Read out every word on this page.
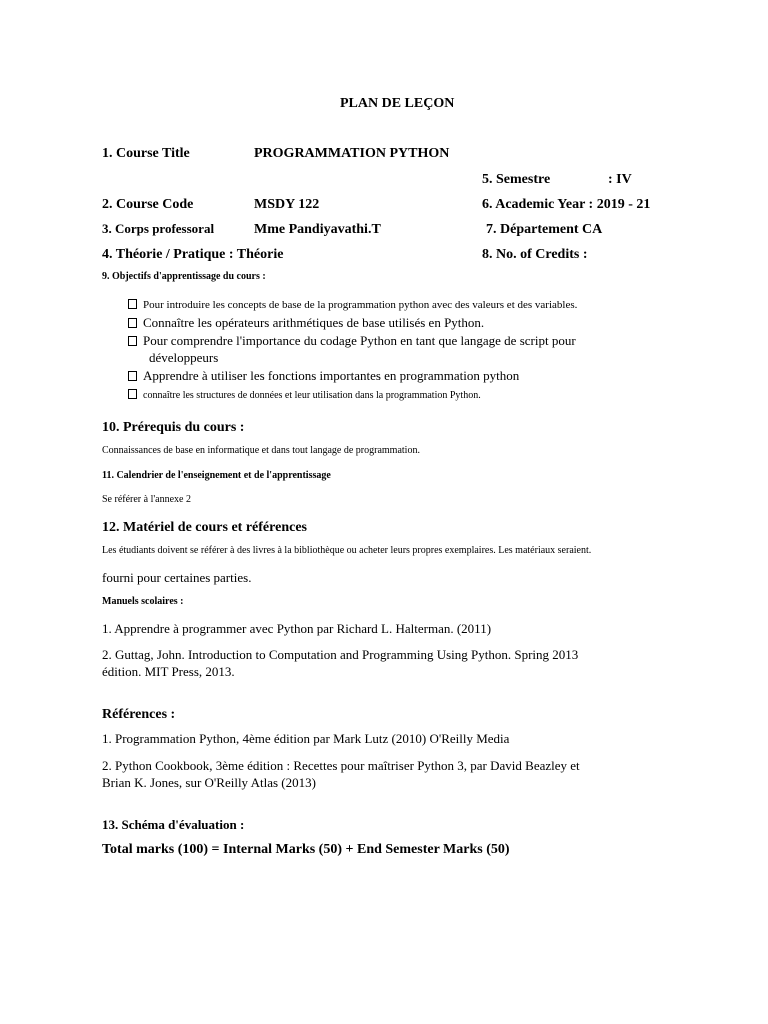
PLAN DE LEÇON
1. Course Title	PROGRAMMATION PYTHON
5. Semestre	: IV
2. Course Code	MSDY 122	6. Academic Year : 2019 - 21
3. Corps professoral	Mme Pandiyavathi.T	7. Département CA
4. Théorie / Pratique : Théorie	8. No. of Credits :
9. Objectifs d'apprentissage du cours :
Pour introduire les concepts de base de la programmation python avec des valeurs et des variables.
Connaître les opérateurs arithmétiques de base utilisés en Python.
Pour comprendre l'importance du codage Python en tant que langage de script pour
développeurs
Apprendre à utiliser les fonctions importantes en programmation python
connaître les structures de données et leur utilisation dans la programmation Python.
10. Prérequis du cours :
Connaissances de base en informatique et dans tout langage de programmation.
11. Calendrier de l'enseignement et de l'apprentissage
Se référer à l'annexe 2
12. Matériel de cours et références
Les étudiants doivent se référer à des livres à la bibliothèque ou acheter leurs propres exemplaires. Les matériaux seraient.
fourni pour certaines parties.
Manuels scolaires :
1. Apprendre à programmer avec Python par Richard L. Halterman. (2011)
2. Guttag, John. Introduction to Computation and Programming Using Python. Spring 2013
édition. MIT Press, 2013.
Références :
1. Programmation Python, 4ème édition par Mark Lutz (2010) O'Reilly Media
2. Python Cookbook, 3ème édition : Recettes pour maîtriser Python 3, par David Beazley et
Brian K. Jones, sur O'Reilly Atlas (2013)
13. Schéma d'évaluation :
Total marks (100) = Internal Marks (50) + End Semester Marks (50)
